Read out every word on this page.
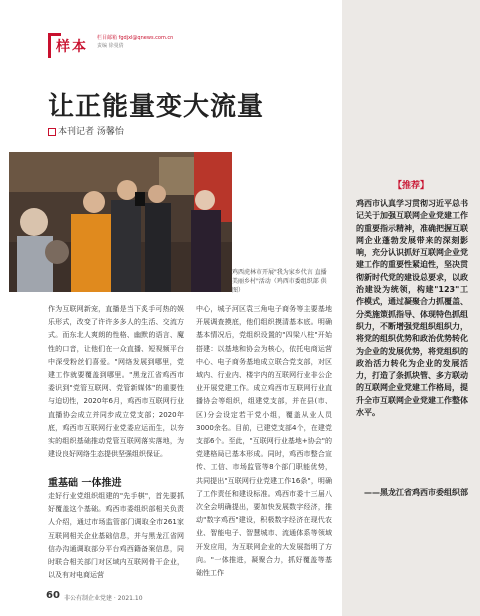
样本
栏目邮箱 fgdjxl@qnews.com.cn
责编 徐曼倩
让正能量变大流量
本刊记者 汤馨怡
鸡西虎林市开展"我为家乡代言 直播美丽乡村"活动（鸡西市委组织部 供图）
作为互联网新宠，直播是当下炙手可热的娱乐形式，改变了许许多多人的生活、交流方式。而东北人爽朗的性格、幽默的语言、魔性的口音，让他们在一众直播、短视频平台中深受粉丝们喜爱。"网络发展到哪里，党建工作就要覆盖到哪里。"黑龙江省鸡西市委识到"党管互联网、党管新媒体"的重要性与迫切性，2020年6月，鸡西市互联网行业直播协会成立并同步成立党支部；2020年底，鸡西市互联网行业党委应运而生，以夯实的组织基础推动党管互联网落实落地，为建设良好网络生态提供坚强组织保证。
重基础 一体推进
走好行业党组织组建的"先手棋"，首先要抓好覆盖这个基础。鸡西市委组织部相关负责人介绍，通过市场监管部门调取全市261家互联网相关企业基础信息，并与黑龙江省网信办沟通调取部分平台鸡西籍备案信息，同时联合相关部门对区域内互联网骨干企业，以及有对电商运营
中心，城子河区袁三角电子商务等主要基地开展调查摸底，他们组织摸清基本底。明确基本情况后，党组织设置的"四梁八柱"开始搭建：以基地和协会为核心，依托电商运营中心、电子商务基地成立联合党支部，对区域内、行业内、楼宇内的互联网行业非公企业开展党建工作。成立鸡西市互联网行业直播协会等组织，组建党支部，并在县(市、区)分会设定若干党小组，覆盖从业人员3000余名。目前，已建党支部4个，在建党支部6个。至此，"互联网行业基地+协会"的党建格局已基本形成。同时，鸡西市整合宣传、工信、市场监管等8个部门职能优势，共同提出"互联网行业党建工作16条"，明确了工作责任和建设标准。鸡西市委十三届八次全会明确提出，要加快发展数字经济，推动"数字鸡西"建设，积极数字经济在现代农业、智能电子、智慧城市、流通体系等领域开发应用，为互联网企业的大发展指明了方向。"一体推进，凝聚合力，抓好覆盖等基础性工作
【推荐】
鸡西市认真学习贯彻习近平总书记关于加强互联网企业党建工作的重要指示精神，准确把握互联网企业蓬勃发展带来的深刻影响，充分认识抓好互联网企业党建工作的重要性紧迫性，坚决贯彻新时代党的建设总要求，以政治建设为统领，构建"123"工作模式，通过凝聚合力抓覆盖、分类施策抓指导、体现特色抓组织力，不断增强党组织组织力，将党的组织优势和政治优势转化为企业的发展优势，将党组织的政治活力转化为企业的发展活力，打造了条抓块管、多方联动的互联网企业党建工作格局，提升全市互联网企业党建工作整体水平。
——黑龙江省鸡西市委组织部
60 非公有制企业党建 · 2021.10
